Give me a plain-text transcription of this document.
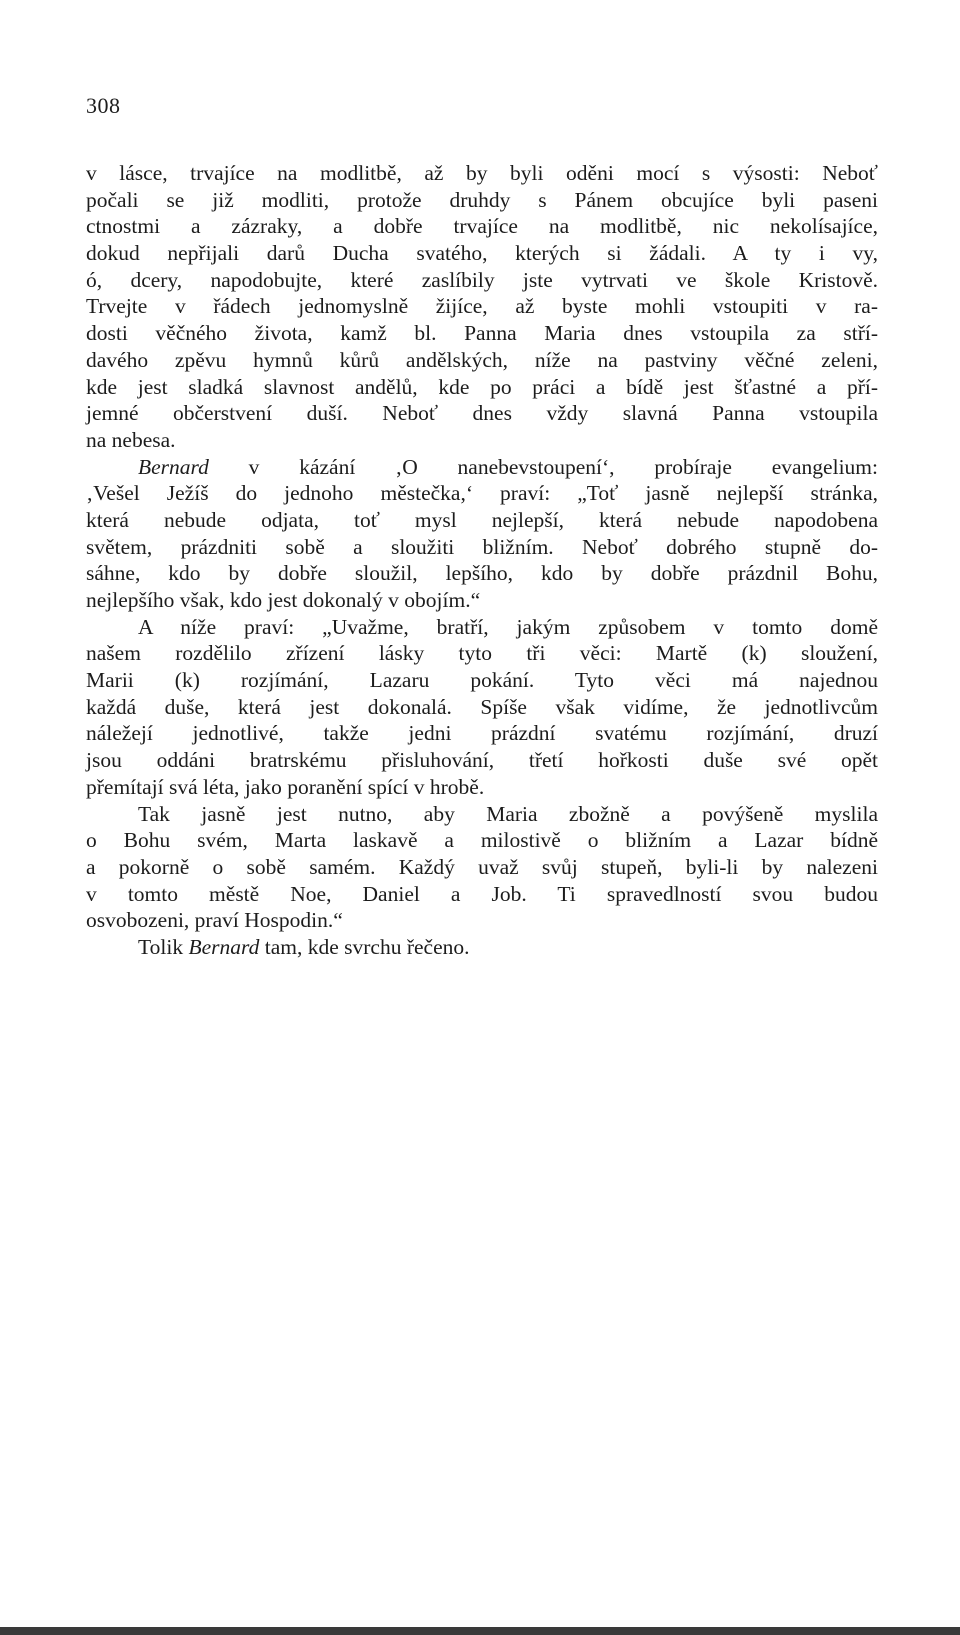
308
v lásce, trvajíce na modlitbě, až by byli oděni mocí s výsosti: Neboť
počali se již modliti, protože druhdy s Pánem obcujíce byli paseni
ctnostmi a zázraky, a dobře trvajíce na modlitbě, nic nekolísajíce,
dokud nepřijali darů Ducha svatého, kterých si žádali. A ty i vy,
ó, dcery, napodobujte, které zaslíbily jste vytrvati ve škole Kristově.
Trvejte v řádech jednomyslně žijíce, až byste mohli vstoupiti v ra-
dosti věčného života, kamž bl. Panna Maria dnes vstoupila za stří-
davého zpěvu hymnů kůrů andělských, níže na pastviny věčné zeleni,
kde jest sladká slavnost andělů, kde po práci a bídě jest šťastné a pří-
jemné občerstvení duší. Neboť dnes vždy slavná Panna vstoupila
na nebesa.
Bernard v kázání ‚O nanebevstoupení‘, probíraje evangelium:
‚Vešel Ježíš do jednoho městečka,‘ praví: „Toť jasně nejlepší stránka,
která nebude odjata, toť mysl nejlepší, která nebude napodobena
světem, prázdniti sobě a sloužiti bližním. Neboť dobrého stupně do-
sáhne, kdo by dobře sloužil, lepšího, kdo by dobře prázdnil Bohu,
nejlepšího však, kdo jest dokonalý v obojím.“
A níže praví: „Uvažme, bratří, jakým způsobem v tomto domě
našem rozdělilo zřízení lásky tyto tři věci: Martě (k) sloužení,
Marii (k) rozjímání, Lazaru pokání. Tyto věci má najednou
každá duše, která jest dokonalá. Spíše však vidíme, že jednotlivcům
náležejí jednotlivé, takže jedni prázdní svatému rozjímání, druzí
jsou oddáni bratrskému přisluhování, třetí hořkosti duše své opět
přemítají svá léta, jako poranění spící v hrobě.
Tak jasně jest nutno, aby Maria zbožně a povýšeně myslila
o Bohu svém, Marta laskavě a milostivě o bližním a Lazar bídně
a pokorně o sobě samém. Každý uvaž svůj stupeň, byli-li by nalezeni
v tomto městě Noe, Daniel a Job. Ti spravedlností svou budou
osvobozeni, praví Hospodin.“
Tolik Bernard tam, kde svrchu řečeno.
